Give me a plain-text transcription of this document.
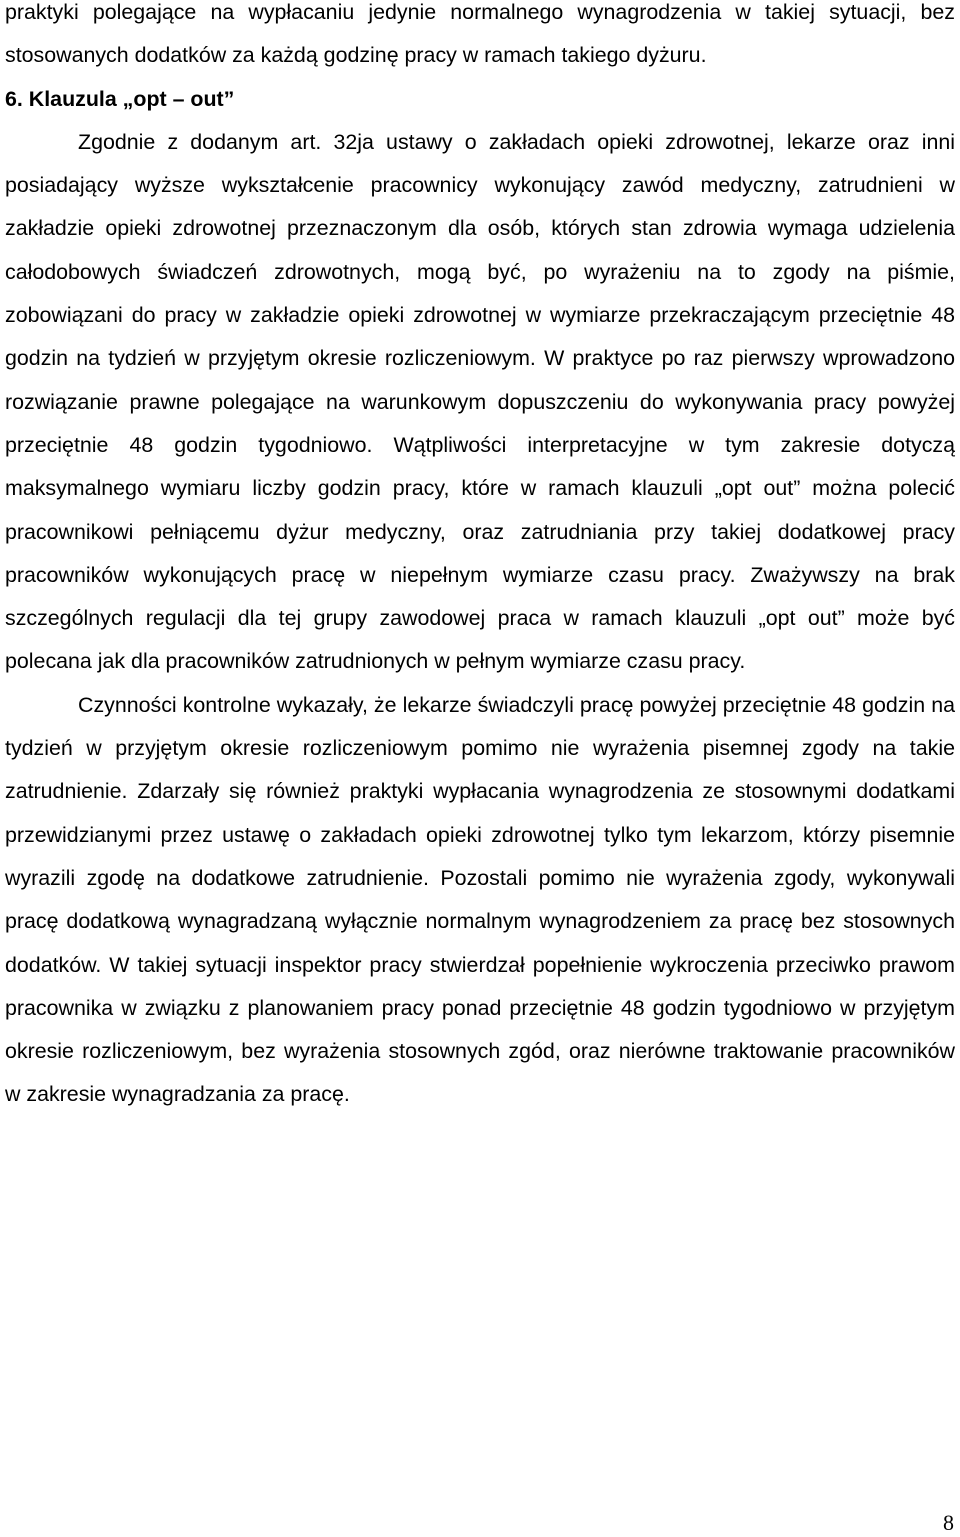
praktyki polegające na wypłacaniu jedynie normalnego wynagrodzenia w takiej sytuacji, bez stosowanych dodatków za każdą godzinę pracy w ramach takiego dyżuru.

6. Klauzula „opt – out”

Zgodnie z dodanym art. 32ja ustawy o zakładach opieki zdrowotnej, lekarze oraz inni posiadający wyższe wykształcenie pracownicy wykonujący zawód medyczny, zatrudnieni w zakładzie opieki zdrowotnej przeznaczonym dla osób, których stan zdrowia wymaga udzielenia całodobowych świadczeń zdrowotnych, mogą być, po wyrażeniu na to zgody na piśmie, zobowiązani do pracy w zakładzie opieki zdrowotnej w wymiarze przekraczającym przeciętnie 48 godzin na tydzień w przyjętym okresie rozliczeniowym. W praktyce po raz pierwszy wprowadzono rozwiązanie prawne polegające na warunkowym dopuszczeniu do wykonywania pracy powyżej przeciętnie 48 godzin tygodniowo. Wątpliwości interpretacyjne w tym zakresie dotyczą maksymalnego wymiaru liczby godzin pracy, które w ramach klauzuli „opt out” można polecić pracownikowi pełniącemu dyżur medyczny, oraz zatrudniania przy takiej dodatkowej pracy pracowników wykonujących pracę w niepełnym wymiarze czasu pracy. Zważywszy na brak szczególnych regulacji dla tej grupy zawodowej praca w ramach klauzuli „opt out” może być polecana jak dla pracowników zatrudnionych w pełnym wymiarze czasu pracy.

Czynności kontrolne wykazały, że lekarze świadczyli pracę powyżej przeciętnie 48 godzin na tydzień w przyjętym okresie rozliczeniowym pomimo nie wyrażenia pisemnej zgody na takie zatrudnienie. Zdarzały się również praktyki wypłacania wynagrodzenia ze stosownymi dodatkami przewidzianymi przez ustawę o zakładach opieki zdrowotnej tylko tym lekarzom, którzy pisemnie wyrazili zgodę na dodatkowe zatrudnienie. Pozostali pomimo nie wyrażenia zgody, wykonywali pracę dodatkową wynagradzaną wyłącznie normalnym wynagrodzeniem za pracę bez stosownych dodatków. W takiej sytuacji inspektor pracy stwierdzał popełnienie wykroczenia przeciwko prawom pracownika w związku z planowaniem pracy ponad przeciętnie 48 godzin tygodniowo w przyjętym okresie rozliczeniowym, bez wyrażenia stosownych zgód, oraz nierówne traktowanie pracowników w zakresie wynagradzania za pracę.

8
